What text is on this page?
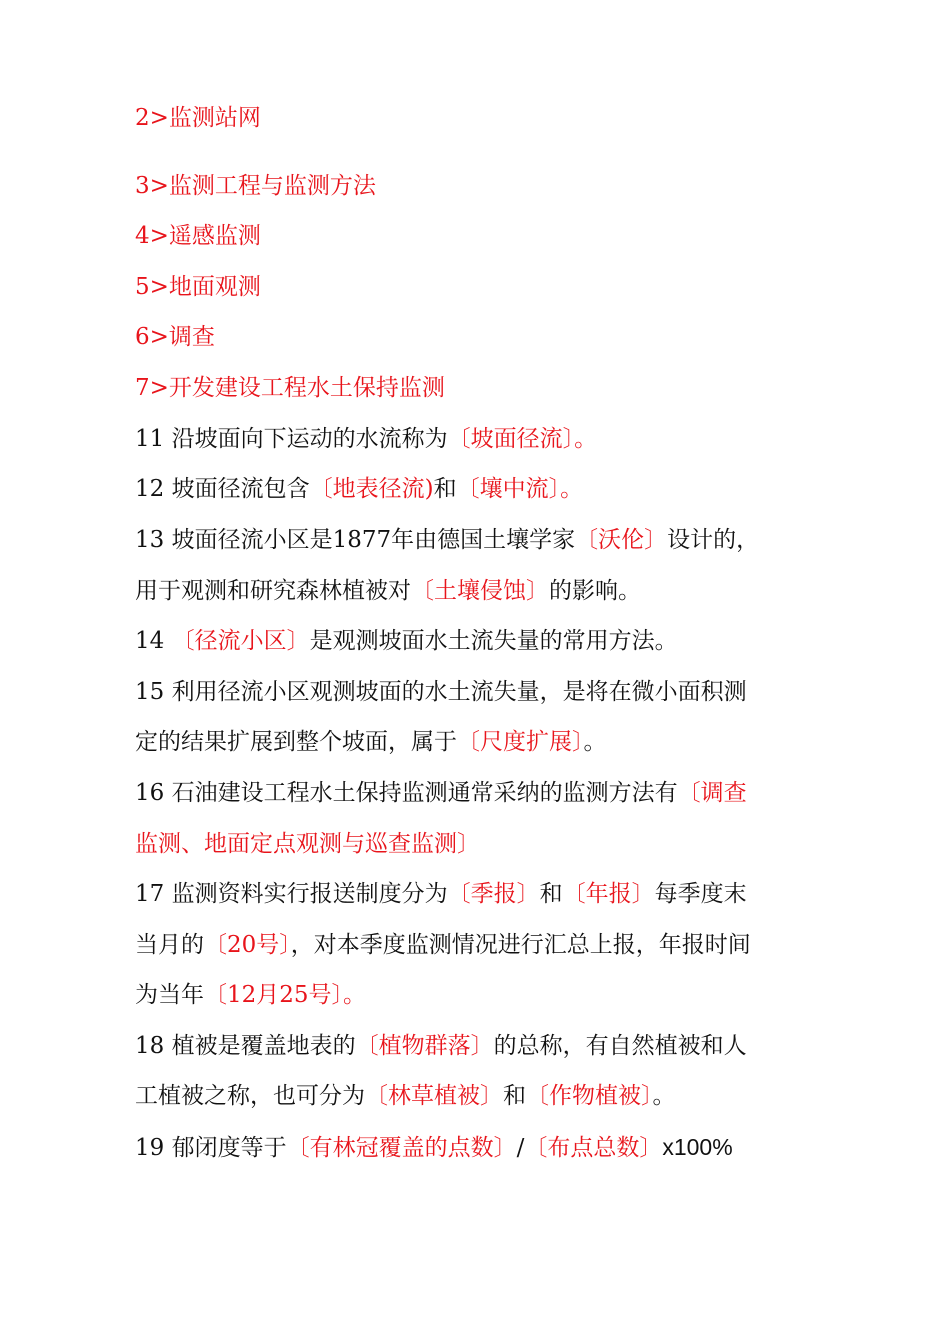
2>监测站网
3>监测工程与监测方法
4>遥感监测
5>地面观测
6>调查
7>开发建设工程水土保持监测
11 沿坡面向下运动的水流称为〔坡面径流〕。
12 坡面径流包含〔地表径流)和〔壤中流〕。
13 坡面径流小区是1877年由德国土壤学家〔沃伦〕设计的，
用于观测和研究森林植被对〔土壤侵蚀〕的影响。
14 〔径流小区〕是观测坡面水土流失量的常用方法。
15 利用径流小区观测坡面的水土流失量，是将在微小面积测
定的结果扩展到整个坡面，属于〔尺度扩展〕。
16 石油建设工程水土保持监测通常采纳的监测方法有〔调查
监测、地面定点观测与巡查监测〕
17 监测资料实行报送制度分为〔季报〕和〔年报〕每季度末
当月的〔20号〕，对本季度监测情况进行汇总上报，年报时间
为当年〔12月25号〕。
18 植被是覆盖地表的〔植物群落〕的总称，有自然植被和人
工植被之称，也可分为〔林草植被〕和〔作物植被〕。
19 郁闭度等于〔有林冠覆盖的点数〕/〔布点总数〕x100%
